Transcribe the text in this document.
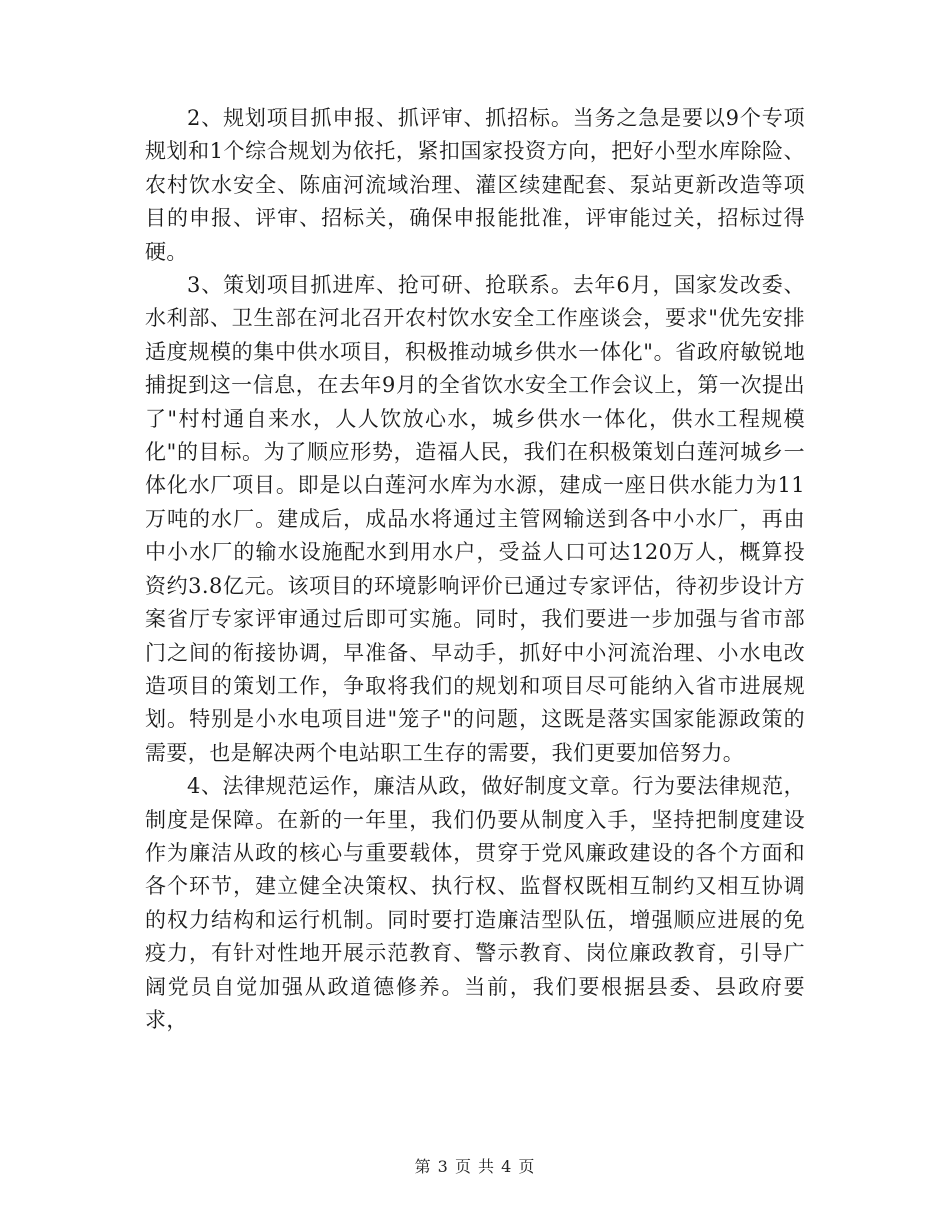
2、规划项目抓申报、抓评审、抓招标。当务之急是要以9个专项规划和1个综合规划为依托，紧扣国家投资方向，把好小型水库除险、农村饮水安全、陈庙河流域治理、灌区续建配套、泵站更新改造等项目的申报、评审、招标关，确保申报能批准，评审能过关，招标过得硬。

3、策划项目抓进库、抢可研、抢联系。去年6月，国家发改委、水利部、卫生部在河北召开农村饮水安全工作座谈会，要求"优先安排适度规模的集中供水项目，积极推动城乡供水一体化"。省政府敏锐地捕捉到这一信息，在去年9月的全省饮水安全工作会议上，第一次提出了"村村通自来水，人人饮放心水，城乡供水一体化，供水工程规模化"的目标。为了顺应形势，造福人民，我们在积极策划白莲河城乡一体化水厂项目。即是以白莲河水库为水源，建成一座日供水能力为11万吨的水厂。建成后，成品水将通过主管网输送到各中小水厂，再由中小水厂的输水设施配水到用水户，受益人口可达120万人，概算投资约3.8亿元。该项目的环境影响评价已通过专家评估，待初步设计方案省厅专家评审通过后即可实施。同时，我们要进一步加强与省市部门之间的衔接协调，早准备、早动手，抓好中小河流治理、小水电改造项目的策划工作，争取将我们的规划和项目尽可能纳入省市进展规划。特别是小水电项目进"笼子"的问题，这既是落实国家能源政策的需要，也是解决两个电站职工生存的需要，我们更要加倍努力。

4、法律规范运作，廉洁从政，做好制度文章。行为要法律规范，制度是保障。在新的一年里，我们仍要从制度入手，坚持把制度建设作为廉洁从政的核心与重要载体，贯穿于党风廉政建设的各个方面和各个环节，建立健全决策权、执行权、监督权既相互制约又相互协调的权力结构和运行机制。同时要打造廉洁型队伍，增强顺应进展的免疫力，有针对性地开展示范教育、警示教育、岗位廉政教育，引导广阔党员自觉加强从政道德修养。当前，我们要根据县委、县政府要求，

第 3 页 共 4 页
